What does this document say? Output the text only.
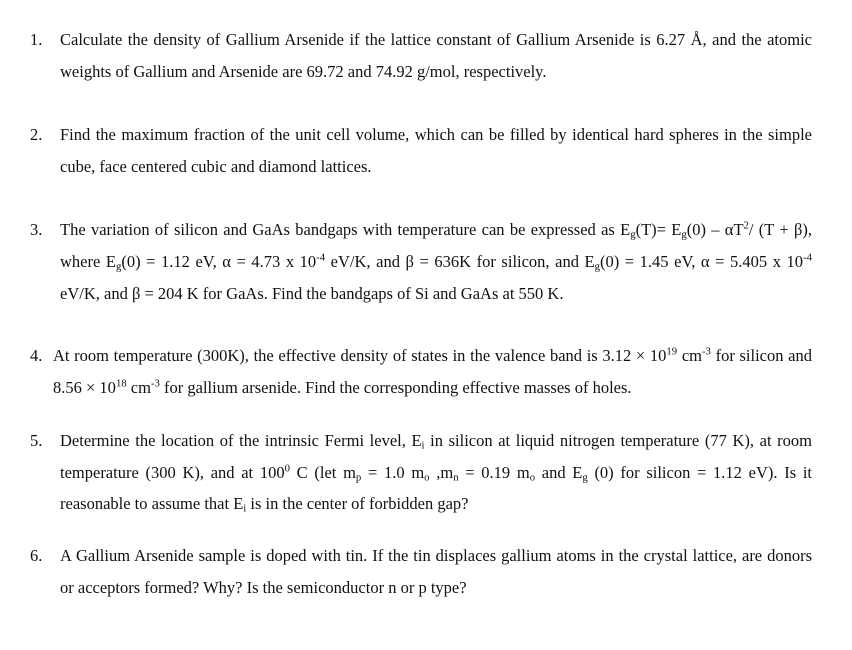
1. Calculate the density of Gallium Arsenide if the lattice constant of Gallium Arsenide is 6.27 Å, and the atomic weights of Gallium and Arsenide are 69.72 and 74.92 g/mol, respectively.
2. Find the maximum fraction of the unit cell volume, which can be filled by identical hard spheres in the simple cube, face centered cubic and diamond lattices.
3. The variation of silicon and GaAs bandgaps with temperature can be expressed as $E_g(T)= E_g(0) - \alpha T^2/$ (T + β), where $E_g(0) = 1.12$ eV, α = 4.73 x $10^{-4}$ eV/K, and β = 636K for silicon, and $E_g(0) = 1.45$ eV, α = 5.405 x $10^{-4}$ eV/K, and β = 204 K for GaAs. Find the bandgaps of Si and GaAs at 550 K.
4. At room temperature (300K), the effective density of states in the valence band is $3.12 \times 10^{19}$ $cm^{-3}$ for silicon and $8.56 \times 10^{18}$ $cm^{-3}$ for gallium arsenide. Find the corresponding effective masses of holes.
5. Determine the location of the intrinsic Fermi level, $E_i$ in silicon at liquid nitrogen temperature (77 K), at room temperature (300 K), and at $100^0$ C (let $m_p = 1.0$ $m_o$ $,m_n = 0.19$ $m_o$ and $E_g$ (0) for silicon = 1.12 eV). Is it reasonable to assume that $E_i$ is in the center of forbidden gap?
6. A Gallium Arsenide sample is doped with tin. If the tin displaces gallium atoms in the crystal lattice, are donors or acceptors formed? Why? Is the semiconductor n or p type?
